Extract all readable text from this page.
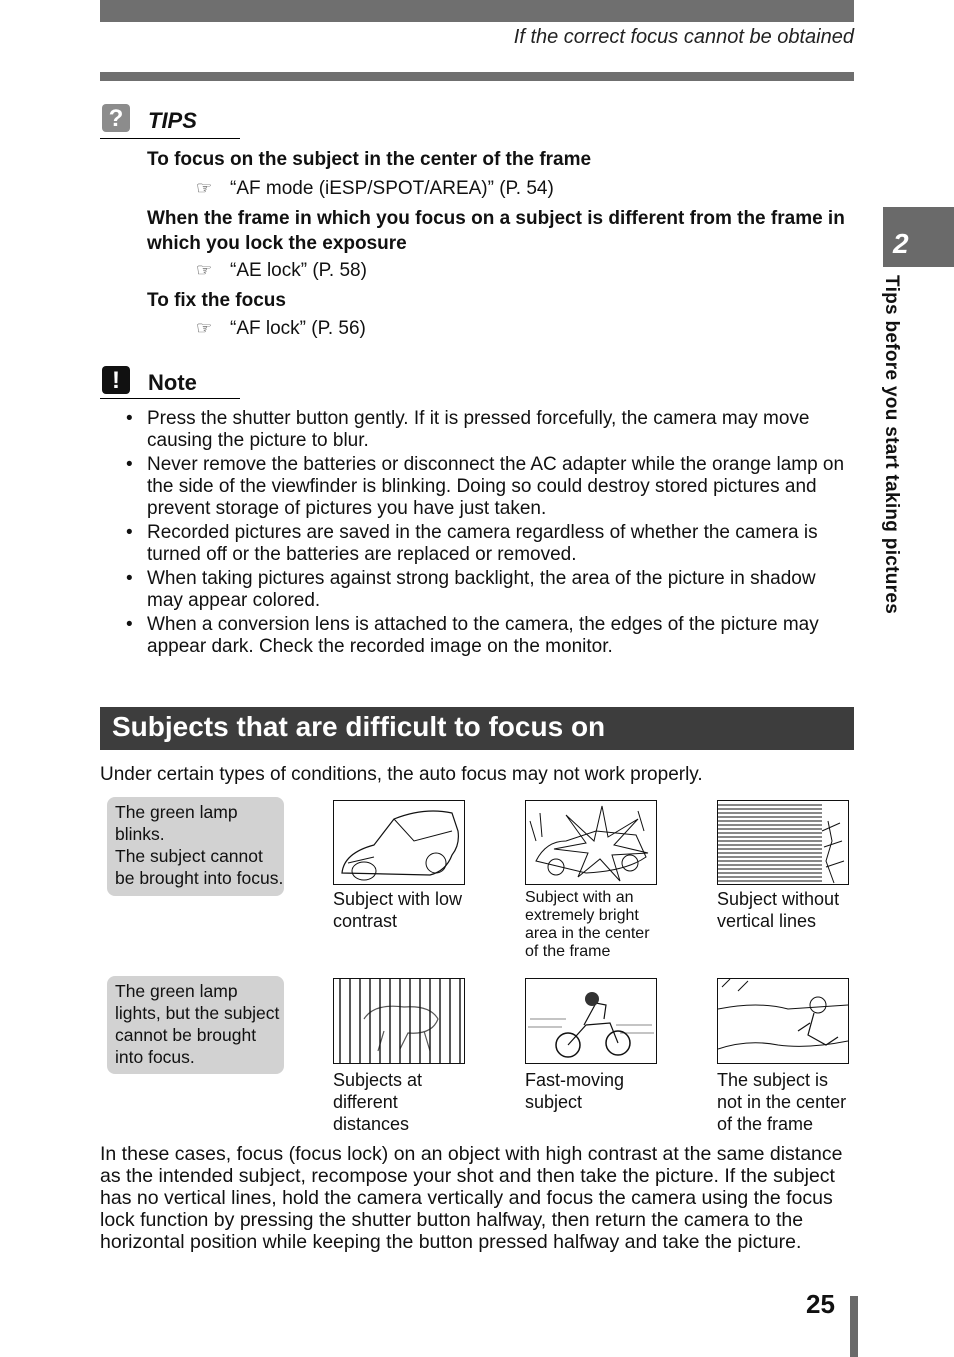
If the correct focus cannot be obtained
?	TIPS
To focus on the subject in the center of the frame
☞ “AF mode (iESP/SPOT/AREA)” (P. 54)
When the frame in which you focus on a subject is different from the frame in which you lock the exposure
☞ “AE lock” (P. 58)
To fix the focus
☞ “AF lock” (P. 56)
!	Note
• Press the shutter button gently. If it is pressed forcefully, the camera may move causing the picture to blur.
• Never remove the batteries or disconnect the AC adapter while the orange lamp on the side of the viewfinder is blinking. Doing so could destroy stored pictures and prevent storage of pictures you have just taken.
• Recorded pictures are saved in the camera regardless of whether the camera is turned off or the batteries are replaced or removed.
• When taking pictures against strong backlight, the area of the picture in shadow may appear colored.
• When a conversion lens is attached to the camera, the edges of the picture may appear dark. Check the recorded image on the monitor.
Subjects that are difficult to focus on
Under certain types of conditions, the auto focus may not work properly.
The green lamp blinks.
The subject cannot be brought into focus.
The green lamp lights, but the subject cannot be brought into focus.
Subject with low contrast
Subject with an extremely bright area in the center of the frame
Subject without vertical lines
Subjects at different distances
Fast-moving subject
The subject is not in the center of the frame
In these cases, focus (focus lock) on an object with high contrast at the same distance as the intended subject, recompose your shot and then take the picture. If the subject has no vertical lines, hold the camera vertically and focus the camera using the focus lock function by pressing the shutter button halfway, then return the camera to the horizontal position while keeping the button pressed halfway and take the picture.
2
Tips before you start taking pictures
25
